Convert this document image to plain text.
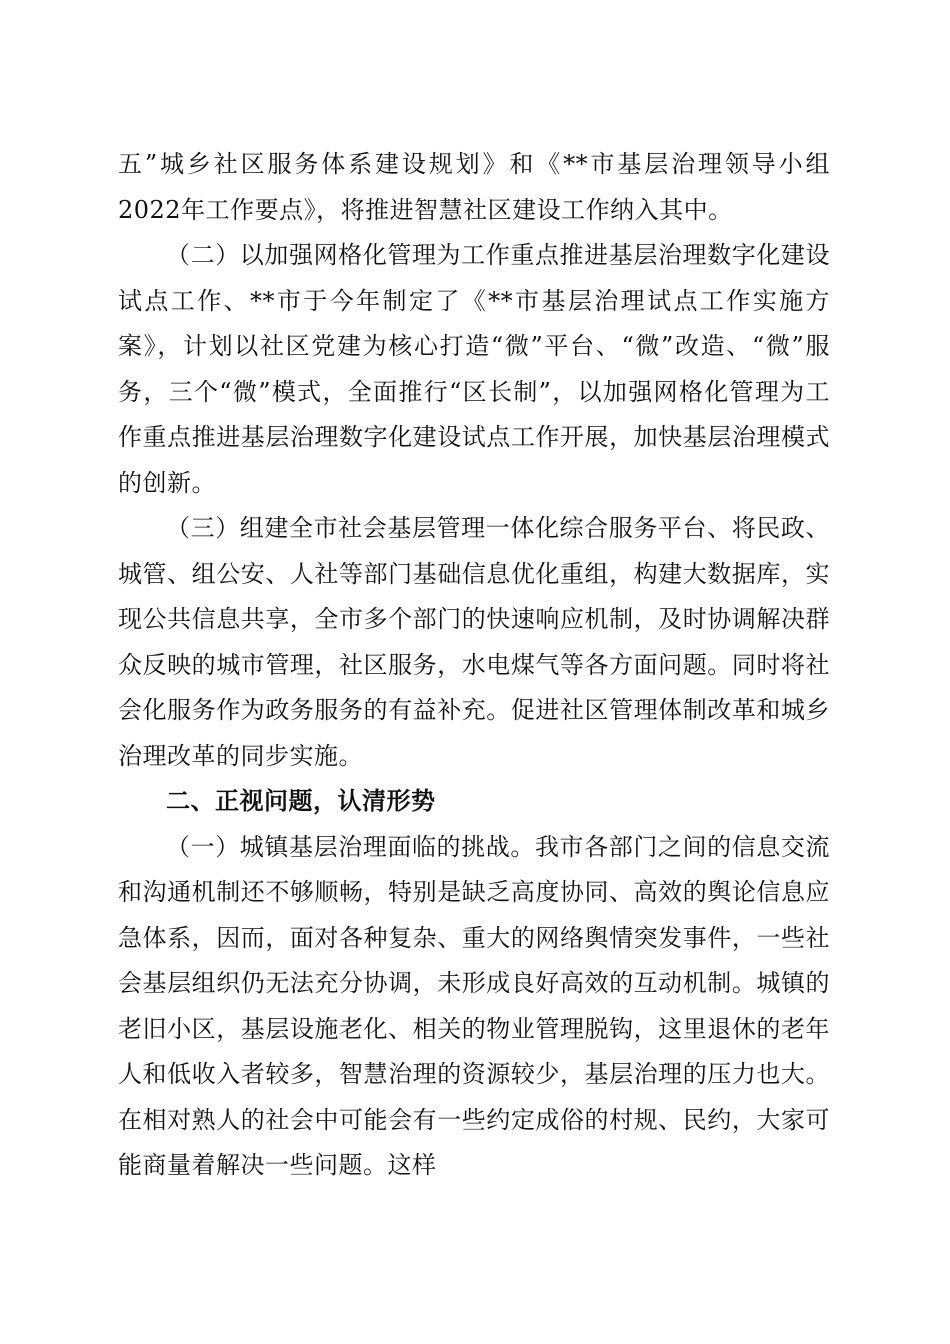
五”城乡社区服务体系建设规划》和《**市基层治理领导小组2022年工作要点》，将推进智慧社区建设工作纳入其中。

（二）以加强网格化管理为工作重点推进基层治理数字化建设试点工作、**市于今年制定了《**市基层治理试点工作实施方案》，计划以社区党建为核心打造“微”平台、“微”改造、“微”服务，三个“微”模式，全面推行“区长制”，以加强网格化管理为工作重点推进基层治理数字化建设试点工作开展，加快基层治理模式的创新。

（三）组建全市社会基层管理一体化综合服务平台、将民政、城管、组公安、人社等部门基础信息优化重组，构建大数据库，实现公共信息共享，全市多个部门的快速响应机制，及时协调解决群众反映的城市管理，社区服务，水电煤气等各方面问题。同时将社会化服务作为政务服务的有益补充。促进社区管理体制改革和城乡治理改革的同步实施。

二、正视问题，认清形势

（一）城镇基层治理面临的挑战。我市各部门之间的信息交流和沟通机制还不够顺畅，特别是缺乏高度协同、高效的舆论信息应急体系，因而，面对各种复杂、重大的网络舆情突发事件，一些社会基层组织仍无法充分协调，未形成良好高效的互动机制。城镇的老旧小区，基层设施老化、相关的物业管理脱钩，这里退休的老年人和低收入者较多，智慧治理的资源较少，基层治理的压力也大。在相对熟人的社会中可能会有一些约定成俗的村规、民约，大家可能商量着解决一些问题。这样
